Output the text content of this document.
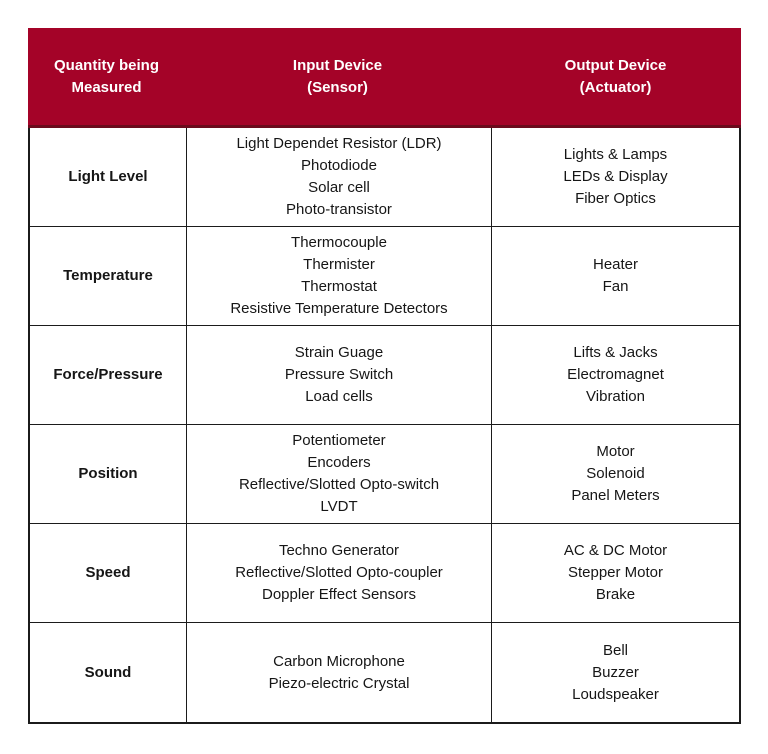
Quantity being
Measured
Input Device
(Sensor)
Output Device
(Actuator)
Light Level
Light Dependet Resistor (LDR)
Photodiode
Solar cell
Photo-transistor
Lights & Lamps
LEDs & Display
Fiber Optics
Temperature
Thermocouple
Thermister
Thermostat
Resistive Temperature Detectors
Heater
Fan
Force/Pressure
Strain Guage
Pressure Switch
Load cells
Lifts & Jacks
Electromagnet
Vibration
Position
Potentiometer
Encoders
Reflective/Slotted Opto-switch
LVDT
Motor
Solenoid
Panel Meters
Speed
Techno Generator
Reflective/Slotted Opto-coupler
Doppler Effect Sensors
AC & DC Motor
Stepper Motor
Brake
Sound
Carbon Microphone
Piezo-electric Crystal
Bell
Buzzer
Loudspeaker
